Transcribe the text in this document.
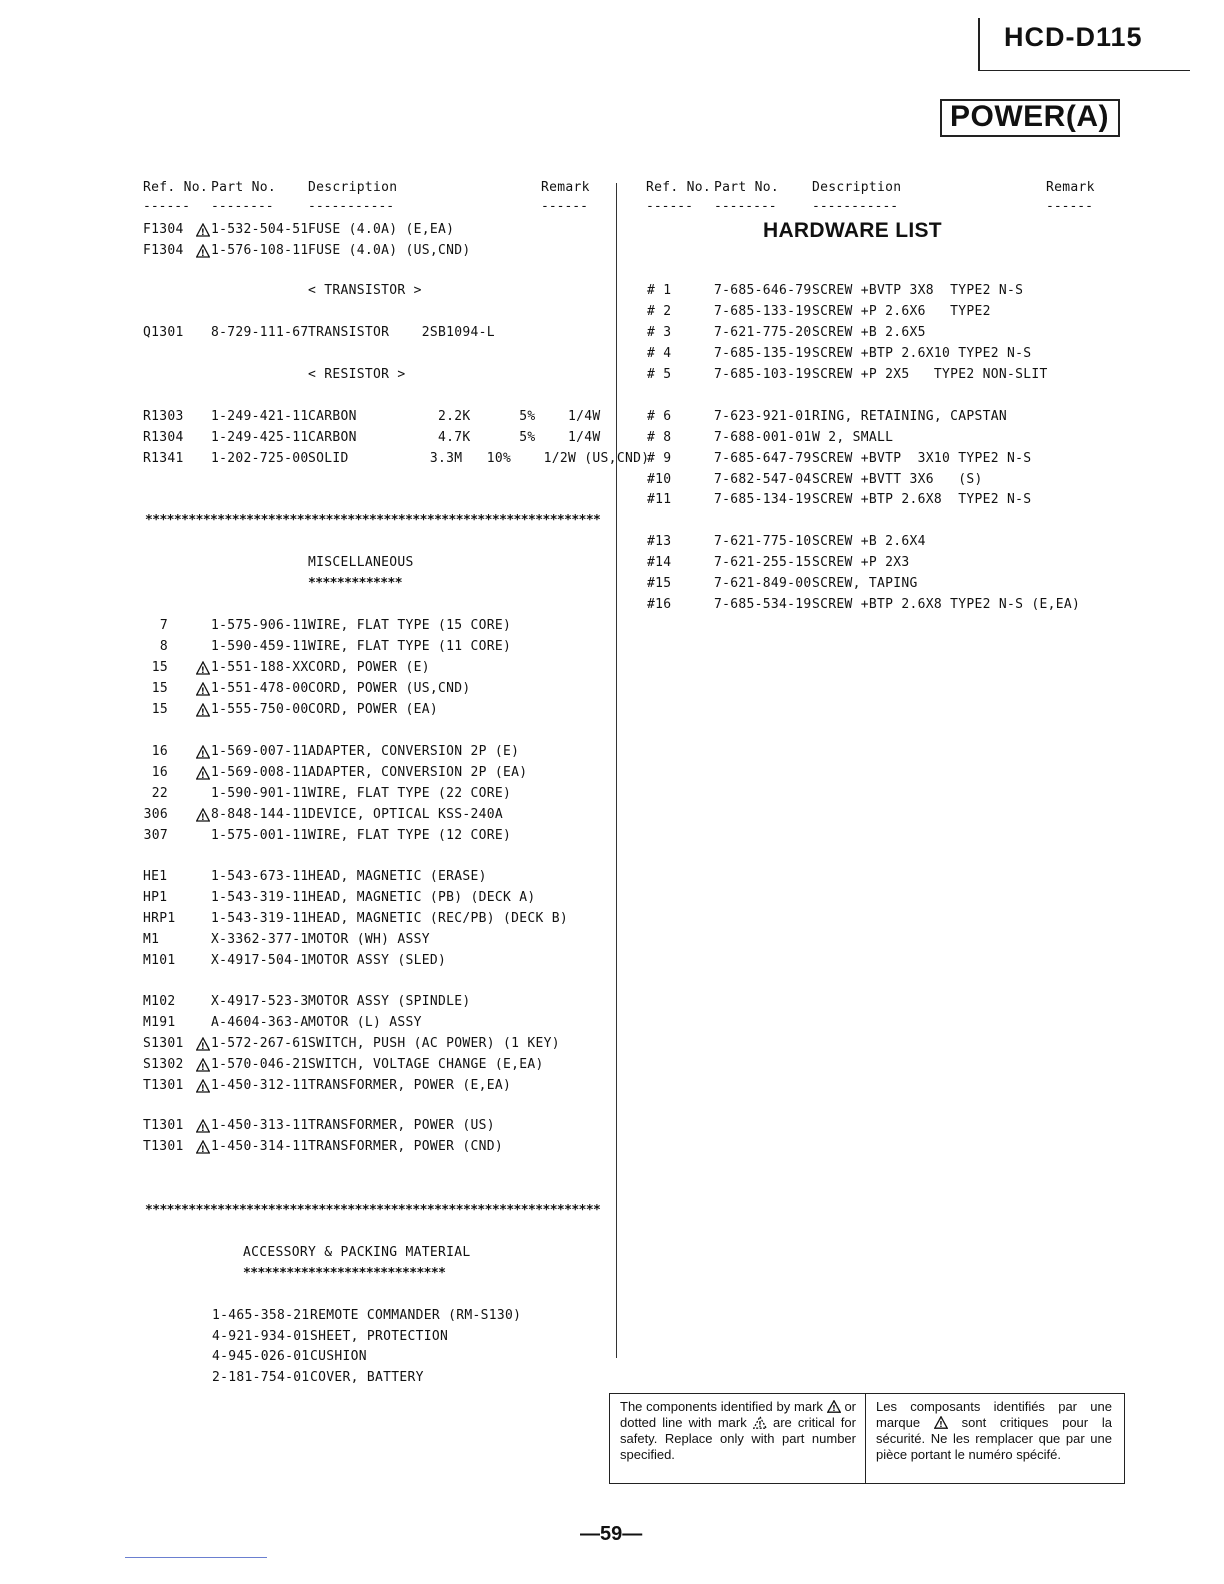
HCD-D115
POWER(A)
Ref. No. Part No. Description	Remark
------ --------	-----------	------
Ref. No. Part No.	Description	Remark
------ --------	-----------	------
HARDWARE LIST
F1304 ! 1-532-504-51 FUSE (4.0A) (E,EA)
F1304 ! 1-576-108-11 FUSE (4.0A) (US,CND)
Q1301 8-729-111-67 TRANSISTOR    2SB1094-L
R1303 1-249-421-11 CARBON          2.2K      5%    1/4W
R1304 1-249-425-11 CARBON          4.7K      5%    1/4W
R1341 1-202-725-00 SOLID          3.3M   10%    1/2W (US,CND)
7	1-575-906-11 WIRE, FLAT TYPE (15 CORE)
8	1-590-459-11 WIRE, FLAT TYPE (11 CORE)
15	! 1-551-188-XX CORD, POWER (E)
15	! 1-551-478-00 CORD, POWER (US,CND)
15	! 1-555-750-00 CORD, POWER (EA)
16	! 1-569-007-11 ADAPTER, CONVERSION 2P (E)
16	! 1-569-008-11 ADAPTER, CONVERSION 2P (EA)
22	1-590-901-11 WIRE, FLAT TYPE (22 CORE)
306	! 8-848-144-11 DEVICE, OPTICAL KSS-240A
307	1-575-001-11 WIRE, FLAT TYPE (12 CORE)
HE1	1-543-673-11 HEAD, MAGNETIC (ERASE)
HP1	1-543-319-11 HEAD, MAGNETIC (PB) (DECK A)
HRP1	1-543-319-11 HEAD, MAGNETIC (REC/PB) (DECK B)
M1	X-3362-377-1 MOTOR (WH) ASSY
M101	X-4917-504-1 MOTOR ASSY (SLED)
M102	X-4917-523-3 MOTOR ASSY (SPINDLE)
M191	A-4604-363-A MOTOR (L) ASSY
S1301 ! 1-572-267-61 SWITCH, PUSH (AC POWER) (1 KEY)
S1302 ! 1-570-046-21 SWITCH, VOLTAGE CHANGE (E,EA)
T1301 ! 1-450-312-11 TRANSFORMER, POWER (E,EA)
T1301 ! 1-450-313-11 TRANSFORMER, POWER (US)
T1301 ! 1-450-314-11 TRANSFORMER, POWER (CND)
1-465-358-21 REMOTE COMMANDER (RM-S130)
4-921-934-01 SHEET, PROTECTION
4-945-026-01 CUSHION
2-181-754-01 COVER, BATTERY
# 1	7-685-646-79 SCREW +BVTP 3X8  TYPE2 N-S
# 2	7-685-133-19 SCREW +P 2.6X6   TYPE2
# 3	7-621-775-20 SCREW +B 2.6X5
# 4	7-685-135-19 SCREW +BTP 2.6X10 TYPE2 N-S
# 5	7-685-103-19 SCREW +P 2X5   TYPE2 NON-SLIT
# 6	7-623-921-01 RING, RETAINING, CAPSTAN
# 8	7-688-001-01 W 2, SMALL
# 9	7-685-647-79 SCREW +BVTP  3X10 TYPE2 N-S
#10	7-682-547-04 SCREW +BVTT 3X6   (S)
#11	7-685-134-19 SCREW +BTP 2.6X8  TYPE2 N-S
#13	7-621-775-10 SCREW +B 2.6X4
#14	7-621-255-15 SCREW +P 2X3
#15	7-621-849-00 SCREW, TAPING
#16	7-685-534-19 SCREW +BTP 2.6X8 TYPE2 N-S (E,EA)
< TRANSISTOR >
< RESISTOR >
***************************************************************
MISCELLANEOUS
*************
***************************************************************
ACCESSORY & PACKING MATERIAL
****************************
The components identified by mark ! or dotted line with mark ! are critical for safety. Replace only with part number specified.
Les composants identifiés par une marque ! sont critiques pour la sécurité. Ne les remplacer que par une pièce portant le numéro spécifé.
—59—
